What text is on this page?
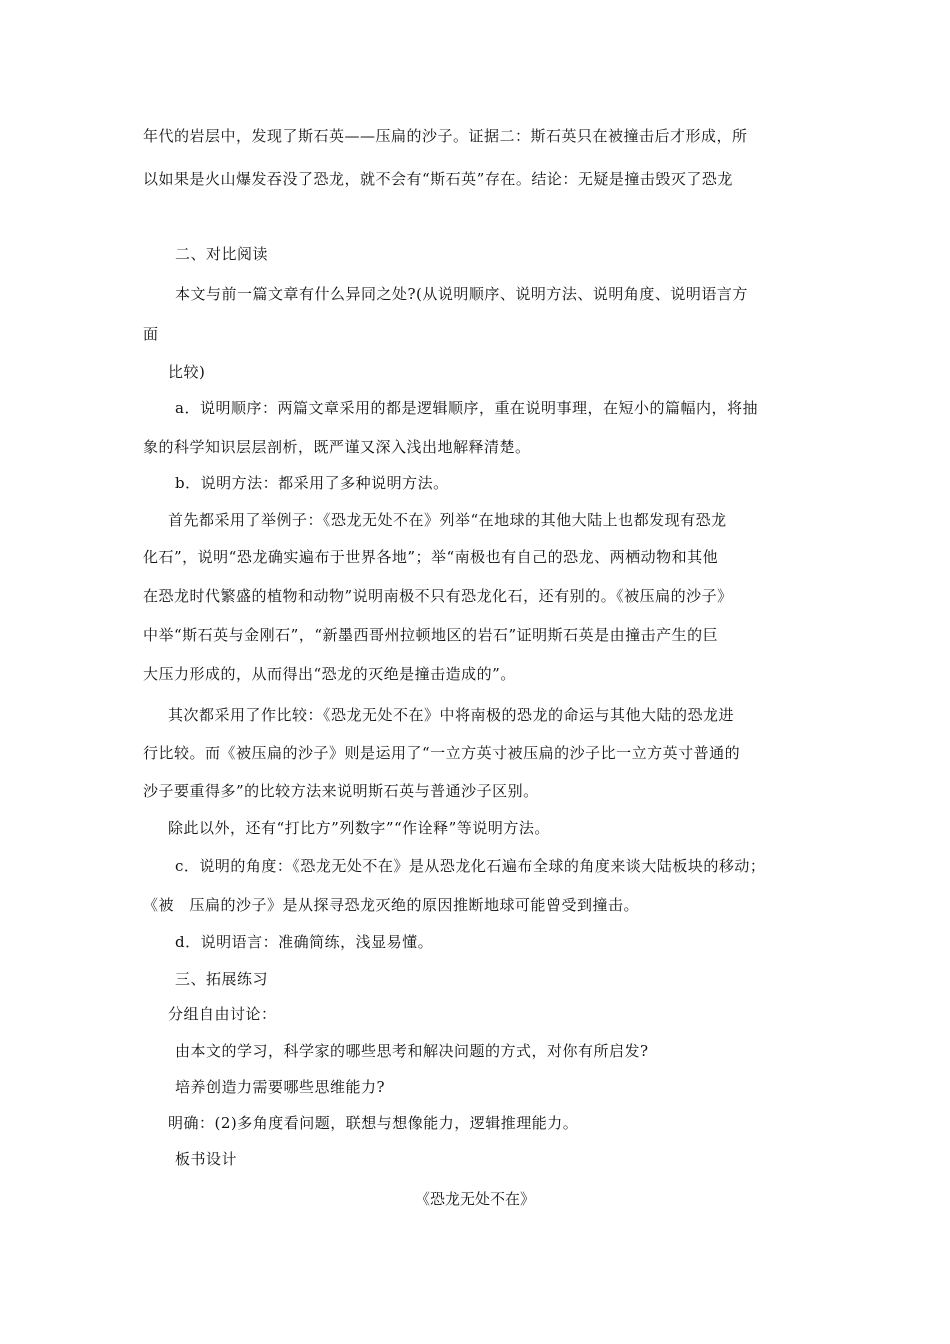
年代的岩层中，发现了斯石英——压扁的沙子。证据二：斯石英只在被撞击后才形成，所
以如果是火山爆发吞没了恐龙，就不会有“斯石英”存在。结论：无疑是撞击毁灭了恐龙
二、对比阅读
本文与前一篇文章有什么异同之处?(从说明顺序、说明方法、说明角度、说明语言方
面
比较)
a．说明顺序：两篇文章采用的都是逻辑顺序，重在说明事理，在短小的篇幅内，将抽
象的科学知识层层剖析，既严谨又深入浅出地解释清楚。
b．说明方法：都采用了多种说明方法。
首先都采用了举例子：《恐龙无处不在》列举“在地球的其他大陆上也都发现有恐龙
化石”，说明“恐龙确实遍布于世界各地”；举“南极也有自己的恐龙、两栖动物和其他
在恐龙时代繁盛的植物和动物”说明南极不只有恐龙化石，还有别的。《被压扁的沙子》
中举“斯石英与金刚石”，“新墨西哥州拉顿地区的岩石”证明斯石英是由撞击产生的巨
大压力形成的，从而得出“恐龙的灭绝是撞击造成的”。
其次都采用了作比较：《恐龙无处不在》中将南极的恐龙的命运与其他大陆的恐龙进
行比较。而《被压扁的沙子》则是运用了“一立方英寸被压扁的沙子比一立方英寸普通的
沙子要重得多”的比较方法来说明斯石英与普通沙子区别。
除此以外，还有“打比方”列数字”“作诠释”等说明方法。
c．说明的角度：《恐龙无处不在》是从恐龙化石遍布全球的角度来谈大陆板块的移动；
《被　压扁的沙子》是从探寻恐龙灭绝的原因推断地球可能曾受到撞击。
d．说明语言：准确简练，浅显易懂。
三、拓展练习
分组自由讨论：
由本文的学习，科学家的哪些思考和解决问题的方式，对你有所启发?
培养创造力需要哪些思维能力?
明确：(2)多角度看问题，联想与想像能力，逻辑推理能力。
板书设计
《恐龙无处不在》
